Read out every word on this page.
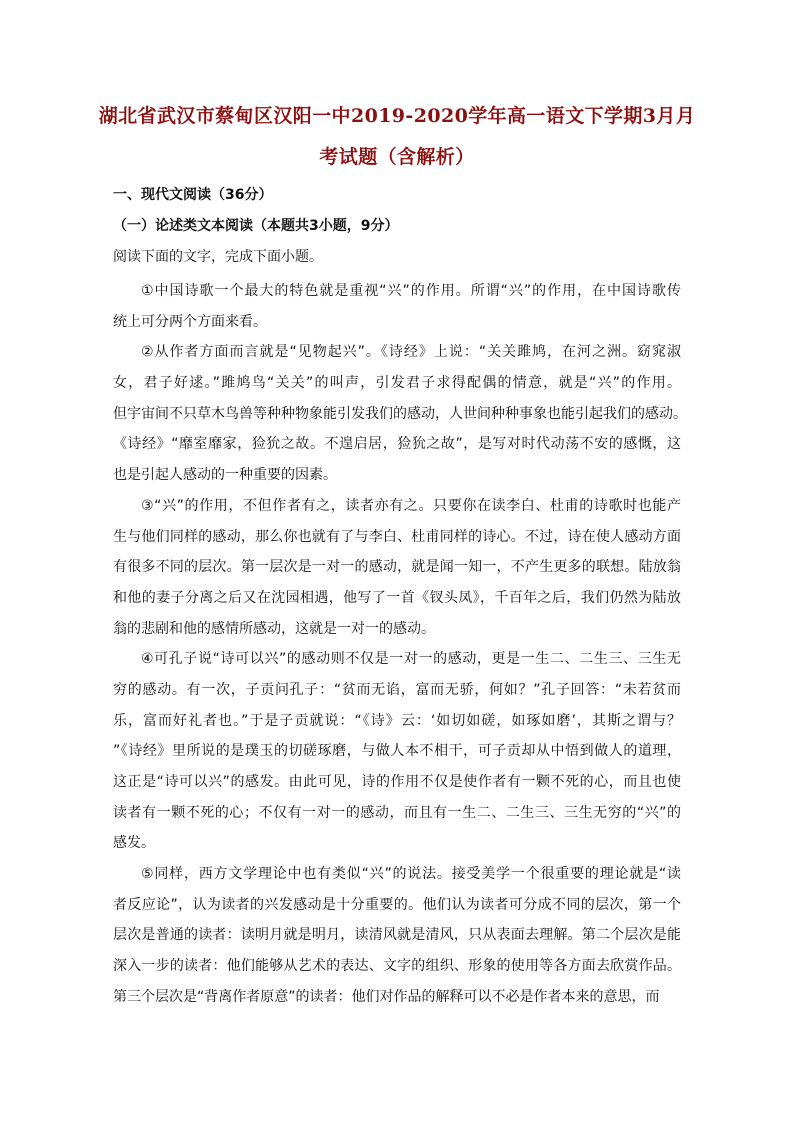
湖北省武汉市蔡甸区汉阳一中2019-2020学年高一语文下学期3月月
考试题（含解析）
一、现代文阅读（36分）
（一）论述类文本阅读（本题共3小题，9分）
阅读下面的文字，完成下面小题。
①中国诗歌一个最大的特色就是重视“兴”的作用。所谓“兴”的作用，在中国诗歌传
统上可分两个方面来看。
②从作者方面而言就是“见物起兴”。《诗经》上说：“关关雎鸠，在河之洲。窈窕淑
女，君子好逑。”雎鸠鸟“关关”的叫声，引发君子求得配偶的情意，就是“兴”的作用。
但宇宙间不只草木鸟兽等种种物象能引发我们的感动，人世间种种事象也能引起我们的感动。
《诗经》“靡室靡家，猃狁之故。不遑启居，猃狁之故”，是写对时代动荡不安的感慨，这
也是引起人感动的一种重要的因素。
③“兴”的作用，不但作者有之，读者亦有之。只要你在读李白、杜甫的诗歌时也能产
生与他们同样的感动，那么你也就有了与李白、杜甫同样的诗心。不过，诗在使人感动方面
有很多不同的层次。第一层次是一对一的感动，就是闻一知一，不产生更多的联想。陆放翁
和他的妻子分离之后又在沈园相遇，他写了一首《钗头凤》，千百年之后，我们仍然为陆放
翁的悲剧和他的感情所感动，这就是一对一的感动。
④可孔子说“诗可以兴”的感动则不仅是一对一的感动，更是一生二、二生三、三生无
穷的感动。有一次，子贡问孔子：“贫而无谄，富而无骄，何如？”孔子回答：“未若贫而
乐，富而好礼者也。”于是子贡就说：“《诗》云：‘如切如磋，如琢如磨’，其斯之谓与？
”《诗经》里所说的是璞玉的切磋琢磨，与做人本不相干，可子贡却从中悟到做人的道理，
这正是“诗可以兴”的感发。由此可见，诗的作用不仅是使作者有一颗不死的心，而且也使
读者有一颗不死的心；不仅有一对一的感动，而且有一生二、二生三、三生无穷的“兴”的
感发。
⑤同样，西方文学理论中也有类似“兴”的说法。接受美学一个很重要的理论就是“读
者反应论”，认为读者的兴发感动是十分重要的。他们认为读者可分成不同的层次，第一个
层次是普通的读者：读明月就是明月，读清风就是清风，只从表面去理解。第二个层次是能
深入一步的读者：他们能够从艺术的表达、文字的组织、形象的使用等各方面去欣赏作品。
第三个层次是“背离作者原意”的读者：他们对作品的解释可以不必是作者本来的意思，而
